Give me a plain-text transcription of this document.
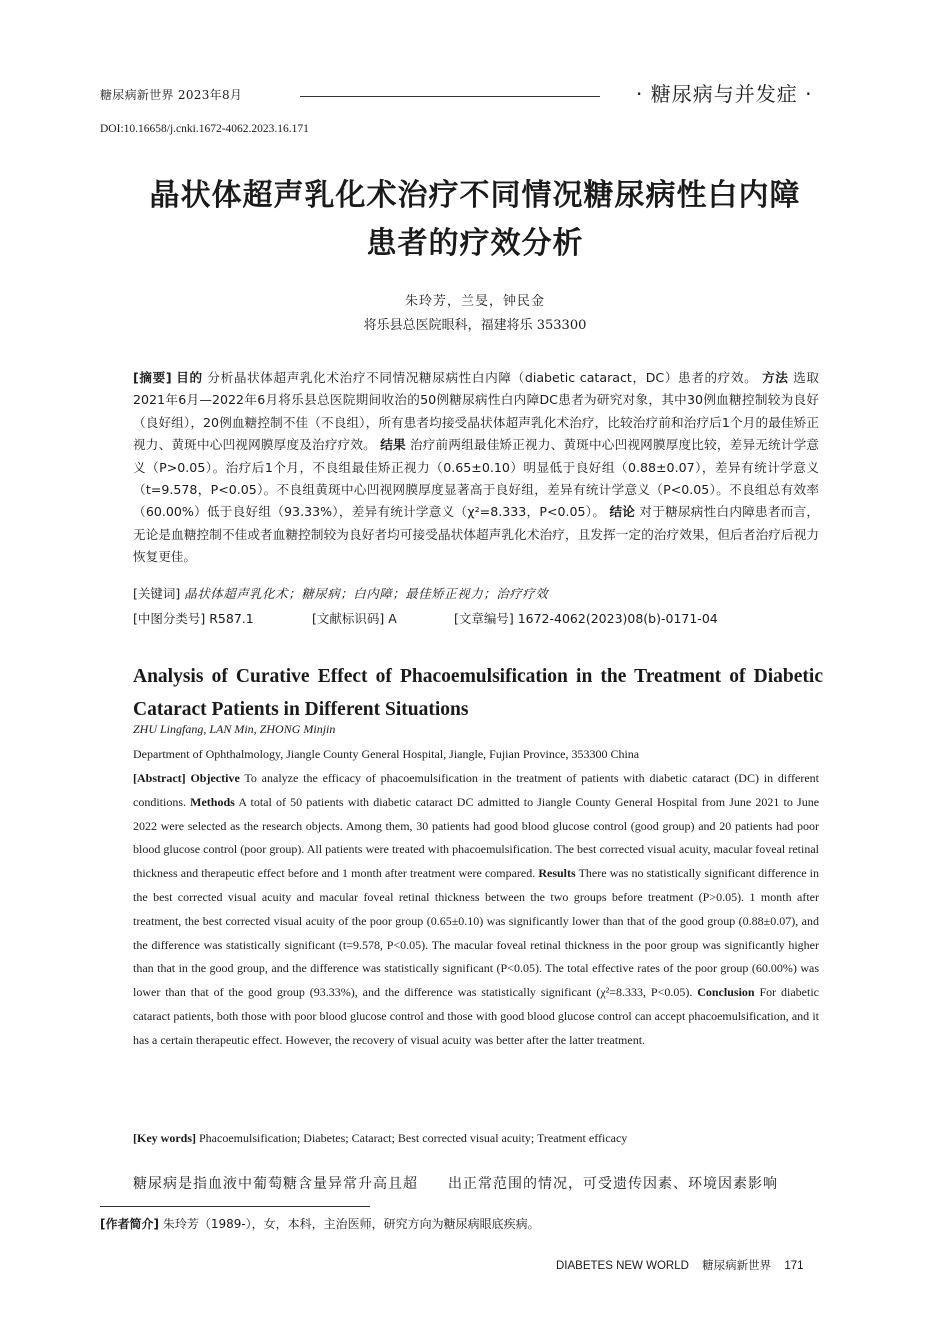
糖尿病新世界 2023年8月	· 糖尿病与并发症 ·
DOI:10.16658/j.cnki.1672-4062.2023.16.171
晶状体超声乳化术治疗不同情况糖尿病性白内障
患者的疗效分析
朱玲芳，兰旻，钟民金
将乐县总医院眼科，福建将乐 353300
[摘要] 目的 分析晶状体超声乳化术治疗不同情况糖尿病性白内障（diabetic cataract，DC）患者的疗效。 方法 选取2021年6月—2022年6月将乐县总医院期间收治的50例糖尿病性白内障DC患者为研究对象，其中30例血糖控制较为良好（良好组），20例血糖控制不佳（不良组），所有患者均接受晶状体超声乳化术治疗，比较治疗前和治疗后1个月的最佳矫正视力、黄斑中心凹视网膜厚度及治疗疗效。 结果 治疗前两组最佳矫正视力、黄斑中心凹视网膜厚度比较，差异无统计学意义（P>0.05）。治疗后1个月，不良组最佳矫正视力（0.65±0.10）明显低于良好组（0.88±0.07），差异有统计学意义（t=9.578，P<0.05）。不良组黄斑中心凹视网膜厚度显著高于良好组，差异有统计学意义（P<0.05）。不良组总有效率（60.00%）低于良好组（93.33%），差异有统计学意义（χ²=8.333，P<0.05）。 结论 对于糖尿病性白内障患者而言，无论是血糖控制不佳或者血糖控制较为良好者均可接受晶状体超声乳化术治疗，且发挥一定的治疗效果，但后者治疗后视力恢复更佳。
[关键词] 晶状体超声乳化术；糖尿病；白内障；最佳矫正视力；治疗疗效
[中图分类号] R587.1	[文献标识码] A	[文章编号] 1672-4062(2023)08(b)-0171-04
Analysis of Curative Effect of Phacoemulsification in the Treatment of Diabetic Cataract Patients in Different Situations
ZHU Lingfang, LAN Min, ZHONG Minjin
Department of Ophthalmology, Jiangle County General Hospital, Jiangle, Fujian Province, 353300 China
[Abstract] Objective To analyze the efficacy of phacoemulsification in the treatment of patients with diabetic cataract (DC) in different conditions. Methods A total of 50 patients with diabetic cataract DC admitted to Jiangle County General Hospital from June 2021 to June 2022 were selected as the research objects. Among them, 30 patients had good blood glucose control (good group) and 20 patients had poor blood glucose control (poor group). All patients were treated with phacoemulsification. The best corrected visual acuity, macular foveal retinal thickness and therapeutic effect before and 1 month after treatment were compared. Results There was no statistically significant difference in the best corrected visual acuity and macular foveal retinal thickness between the two groups before treatment (P>0.05). 1 month after treatment, the best corrected visual acuity of the poor group (0.65±0.10) was significantly lower than that of the good group (0.88±0.07), and the difference was statistically significant (t=9.578, P<0.05). The macular foveal retinal thickness in the poor group was significantly higher than that in the good group, and the difference was statistically significant (P<0.05). The total effective rates of the poor group (60.00%) was lower than that of the good group (93.33%), and the difference was statistically significant (χ²=8.333, P<0.05). Conclusion For diabetic cataract patients, both those with poor blood glucose control and those with good blood glucose control can accept phacoemulsification, and it has a certain therapeutic effect. However, the recovery of visual acuity was better after the latter treatment.
[Key words] Phacoemulsification; Diabetes; Cataract; Best corrected visual acuity; Treatment efficacy
糖尿病是指血液中葡萄糖含量异常升高且超 出正常范围的情况，可受遗传因素、环境因素影响
[作者简介] 朱玲芳（1989-），女，本科，主治医师，研究方向为糖尿病眼底疾病。
DIABETES NEW WORLD 糖尿病新世界 171
